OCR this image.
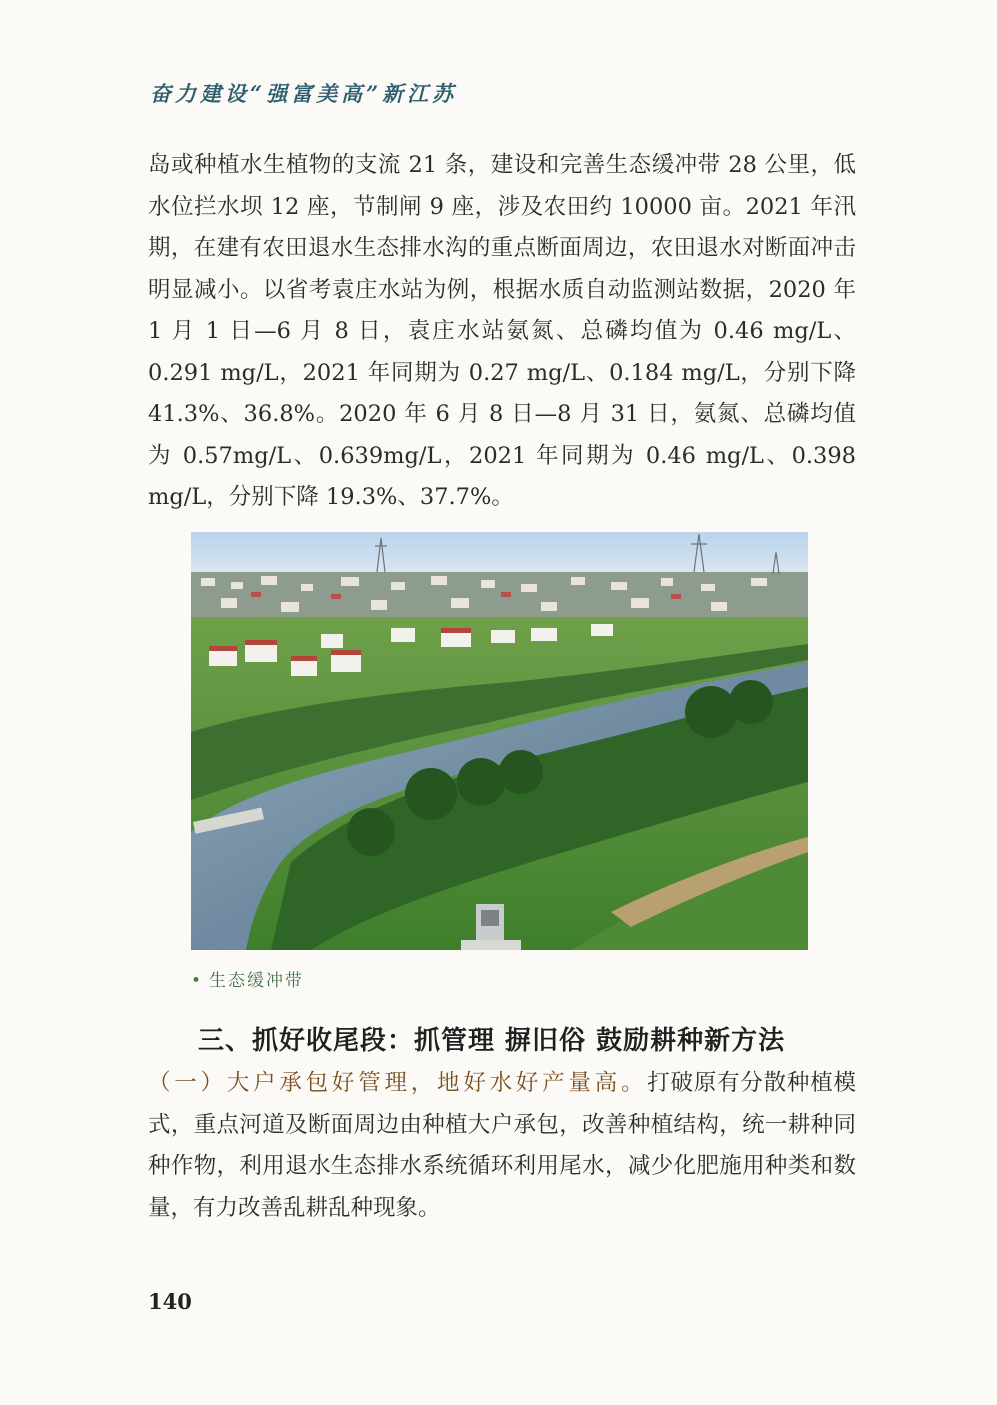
奋力建设“强富美高”新江苏

岛或种植水生植物的支流 21 条，建设和完善生态缓冲带 28 公里，低水位拦水坝 12 座，节制闸 9 座，涉及农田约 10000 亩。2021 年汛期，在建有农田退水生态排水沟的重点断面周边，农田退水对断面冲击明显减小。以省考袁庄水站为例，根据水质自动监测站数据，2020 年 1 月 1 日—6 月 8 日，袁庄水站氨氮、总磷均值为 0.46 mg/L、0.291 mg/L，2021 年同期为 0.27 mg/L、0.184 mg/L，分别下降 41.3%、36.8%。2020 年 6 月 8 日—8 月 31 日，氨氮、总磷均值为 0.57mg/L、0.639mg/L，2021 年同期为 0.46 mg/L、0.398 mg/L，分别下降 19.3%、37.7%。

• 生态缓冲带
三、抓好收尾段：抓管理 摒旧俗 鼓励耕种新方法

（一）大户承包好管理，地好水好产量高。打破原有分散种植模式，重点河道及断面周边由种植大户承包，改善种植结构，统一耕种同种作物，利用退水生态排水系统循环利用尾水，减少化肥施用种类和数量，有力改善乱耕乱种现象。

140
